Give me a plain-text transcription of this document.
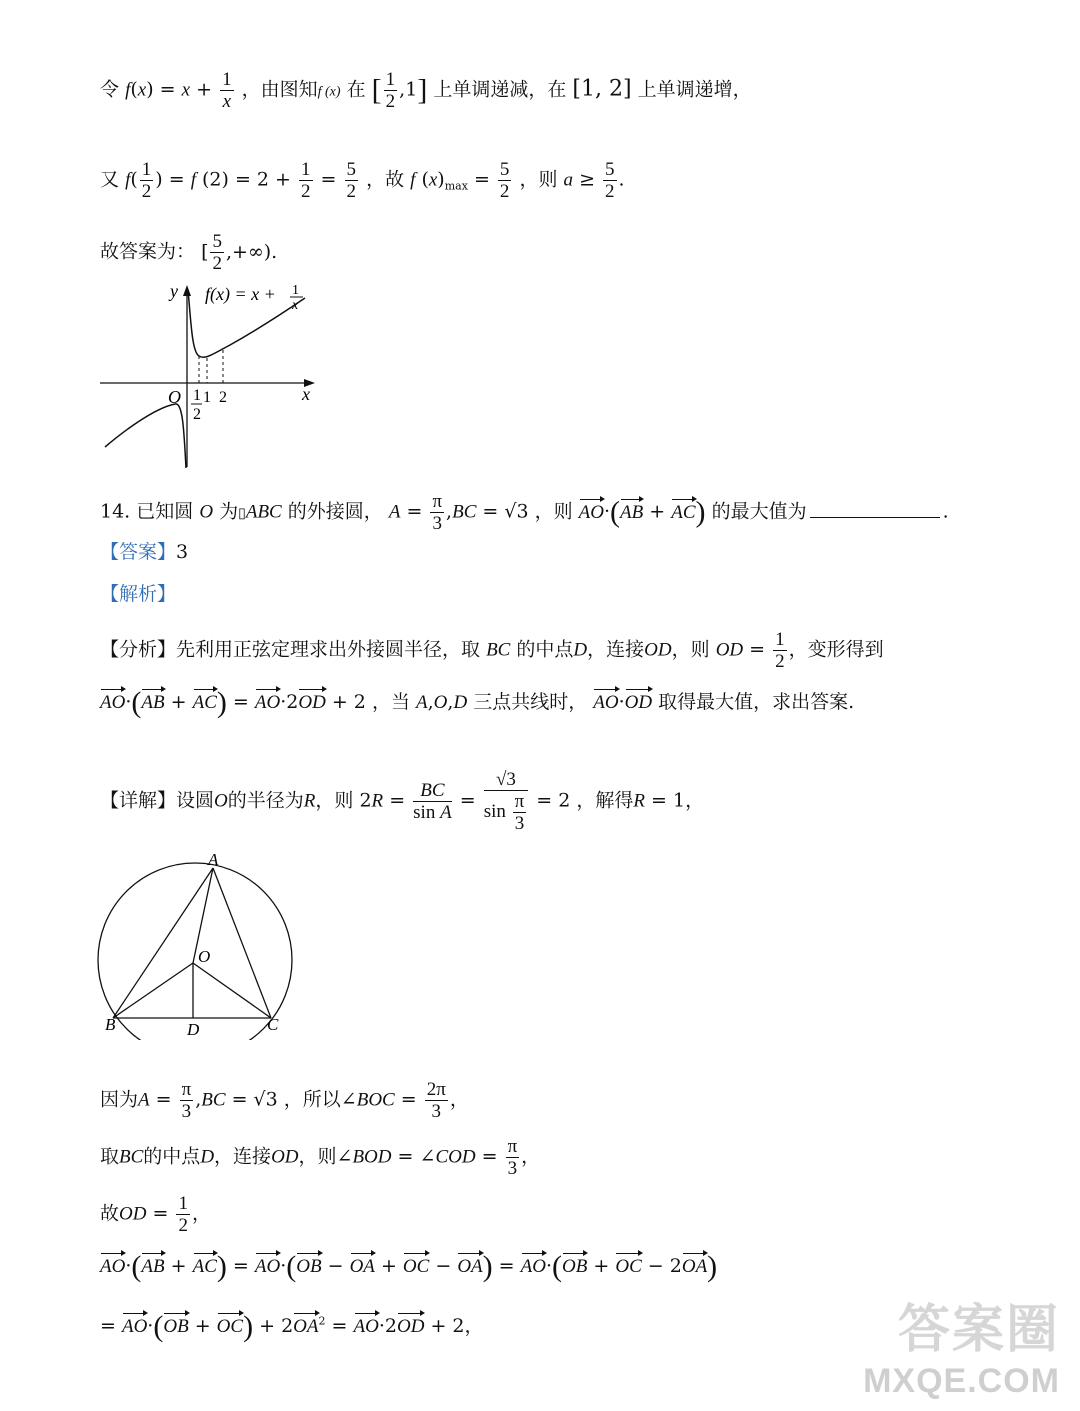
令 $f(x) = x + \frac{1}{x}$ ，由图知f (x) 在 [ $\frac{1}{2} ,1$] 上单调递减，在 [1, 2] 上单调递增，
又 $f( \frac{1}{2}$ ) = f $(2) = 2 + \frac{1}{2} = \frac{5}{2}$ ，故 f $(x)_{max} = \frac{5}{2}$ ，则 $a \ge \frac{5}{2}$ .
故答案为： [ $\frac{5}{2}$ ,+∞).
y f(x) = x + 1
x
x
O 1
2
1 2
14. 已知圆 O 为▯ABC 的外接圆， $A = \frac{\pi}{3} ,BC = √3$ ，则 AO·(AB + AC) 的最大值为	.
【答案】3
【解析】
【分析】先利用正弦定理求出外接圆半径，取 BC 的中点D，连接OD，则 OD = $\frac{1}{2}$ ，变形得到
AO·(AB + AC) = AO·2OD + 2 ，当 A,O,D 三点共线时， AO·OD 取得最大值，求出答案.
【详解】设圆O的半径为R，则 $2R = \frac{BC}{\text{sin A}} = \frac{√3}{\sin \frac{\pi}{3}} = 2$ ，解得R = 1，
A
O
B	D	C
因为$A = \frac{\pi}{3} ,BC = √3$ ，所以∠BOC = $\frac{2\pi}{3}$ ，
取BC的中点D，连接OD，则∠BOD = ∠COD = $\frac{\pi}{3}$ ，
故OD = $\frac{1}{2}$ ，
AO·(AB + AC) = AO·(OB − OA + OC − OA) = AO·(OB + OC − 2OA)
= $AO\cdot(OB + OC) + 2OA^2 = AO\cdot 2OD + 2$，	答案圈
MXQE.COM
